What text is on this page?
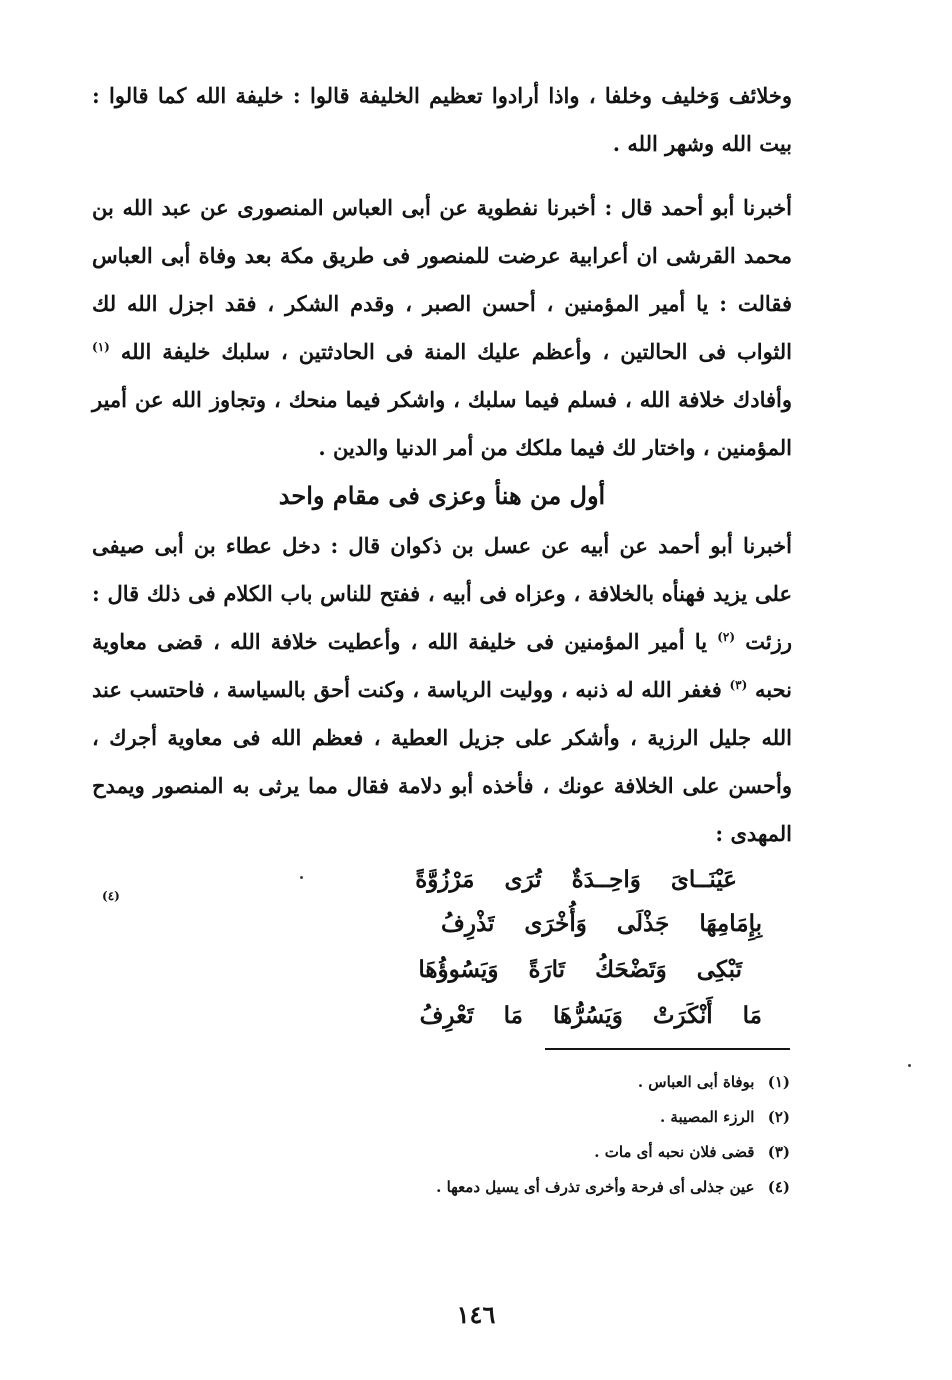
وخلائف وَخليف وخلفا ، واذا أرادوا تعظيم الخليفة قالوا : خليفة الله كما قالوا : بيت الله وشهر الله .
أخبرنا أبو أحمد قال : أخبرنا نفطوية عن أبى العباس المنصورى عن عبد الله بن محمد القرشى ان أعرابية عرضت للمنصور فى طريق مكة بعد وفاة أبى العباس فقالت : يا أمير المؤمنين ، أحسن الصبر ، وقدم الشكر ، فقد اجزل الله لك الثواب فى الحالتين ، وأعظم عليك المنة فى الحادثتين ، سلبك خليفة الله $^{(١)}$ وأفادك خلافة الله ، فسلم فيما سلبك ، واشكر فيما منحك ، وتجاوز الله عن أمير المؤمنين ، واختار لك فيما ملكك من أمر الدنيا والدين .
أول من هنأ وعزى فى مقام واحد
أخبرنا أبو أحمد عن أبيه عن عسل بن ذكوان قال : دخل عطاء بن أبى صيفى على يزيد فهنأه بالخلافة ، وعزاه فى أبيه ، ففتح للناس باب الكلام فى ذلك قال : رزئت $^{(٢)}$ يا أمير المؤمنين فى خليفة الله ، وأعطيت خلافة الله ، قضى معاوية نحبه $^{(٣)}$ فغفر الله له ذنبه ، ووليت الرياسة ، وكنت أحق بالسياسة ، فاحتسب عند الله جليل الرزية ، وأشكر على جزيل العطية ، فعظم الله فى معاوية أجرك ، وأحسن على الخلافة عونك ، فأخذه أبو دلامة فقال مما يرثى به المنصور ويمدح المهدى :
عَيْنَــاىَ وَاحِــدَةٌ تُرَى مَرْزُوَّةً
(٤)
بِإِمَامِهَا جَذْلَى وَأُخْرَى تَذْرِفُ
تَبْكِى وَتَضْحَكُ تَارَةً وَيَسُوؤُهَا
مَا أَنْكَرَتْ وَيَسُرُّهَا مَا تَعْرِفُ
(١) بوفاة أبى العباس .
(٢) الرزء المصيبة .
(٣) قضى فلان نحبه أى مات .
(٤) عين جذلى أى فرحة وأخرى تذرف أى يسيل دمعها .
١٤٦
